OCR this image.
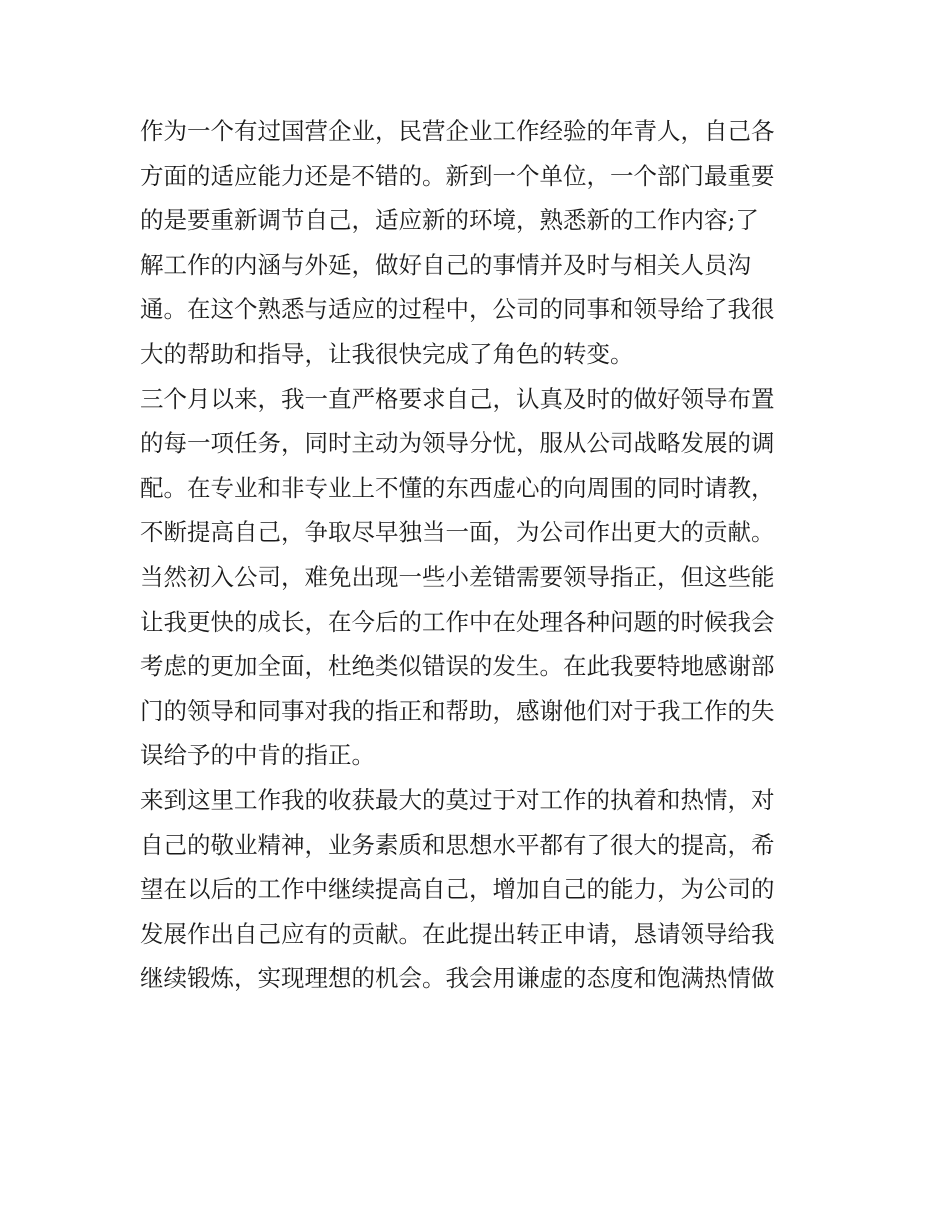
作为一个有过国营企业，民营企业工作经验的年青人，自己各
方面的适应能力还是不错的。新到一个单位，一个部门最重要
的是要重新调节自己，适应新的环境，熟悉新的工作内容;了
解工作的内涵与外延，做好自己的事情并及时与相关人员沟
通。在这个熟悉与适应的过程中，公司的同事和领导给了我很
大的帮助和指导，让我很快完成了角色的转变。
三个月以来，我一直严格要求自己，认真及时的做好领导布置
的每一项任务，同时主动为领导分忧，服从公司战略发展的调
配。在专业和非专业上不懂的东西虚心的向周围的同时请教，
不断提高自己，争取尽早独当一面，为公司作出更大的贡献。
当然初入公司，难免出现一些小差错需要领导指正，但这些能
让我更快的成长，在今后的工作中在处理各种问题的时候我会
考虑的更加全面，杜绝类似错误的发生。在此我要特地感谢部
门的领导和同事对我的指正和帮助，感谢他们对于我工作的失
误给予的中肯的指正。
来到这里工作我的收获最大的莫过于对工作的执着和热情，对
自己的敬业精神，业务素质和思想水平都有了很大的提高，希
望在以后的工作中继续提高自己，增加自己的能力，为公司的
发展作出自己应有的贡献。在此提出转正申请，恳请领导给我
继续锻炼，实现理想的机会。我会用谦虚的态度和饱满热情做
